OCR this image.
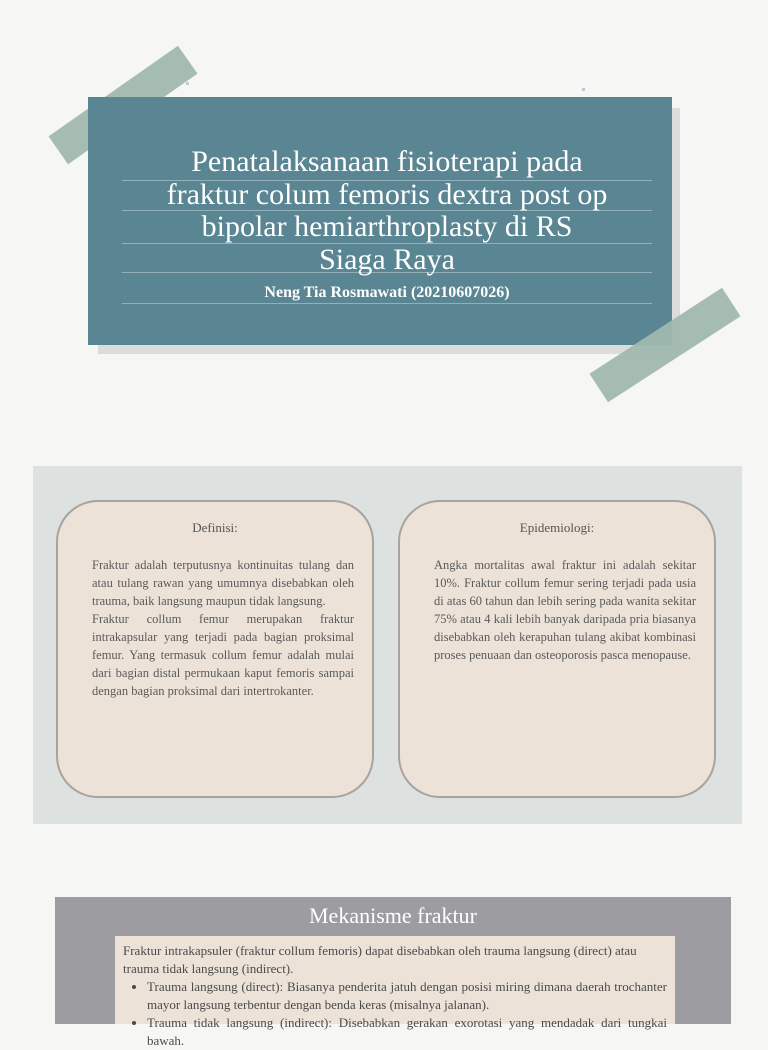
Penatalaksanaan fisioterapi pada
fraktur colum femoris dextra post op
bipolar hemiarthroplasty di RS
Siaga Raya
Neng Tia Rosmawati (20210607026)
Definisi:

Fraktur adalah terputusnya kontinuitas tulang dan atau tulang rawan yang umumnya disebabkan oleh trauma, baik langsung maupun tidak langsung.

Fraktur collum femur merupakan fraktur intrakapsular yang terjadi pada bagian proksimal femur. Yang termasuk collum femur adalah mulai dari bagian distal permukaan kaput femoris sampai dengan bagian proksimal dari intertrokanter.

Epidemiologi:

Angka mortalitas awal fraktur ini adalah sekitar 10%. Fraktur collum femur sering terjadi pada usia di atas 60 tahun dan lebih sering pada wanita sekitar 75% atau 4 kali lebih banyak daripada pria biasanya disebabkan oleh kerapuhan tulang akibat kombinasi proses penuaan dan osteoporosis pasca menopause.

Mekanisme fraktur

Fraktur intrakapsuler (fraktur collum femoris) dapat disebabkan oleh trauma langsung (direct) atau trauma tidak langsung (indirect).

• Trauma langsung (direct): Biasanya penderita jatuh dengan posisi miring dimana daerah trochanter mayor langsung terbentur dengan benda keras (misalnya jalanan).
• Trauma tidak langsung (indirect): Disebabkan gerakan exorotasi yang mendadak dari tungkai bawah.
